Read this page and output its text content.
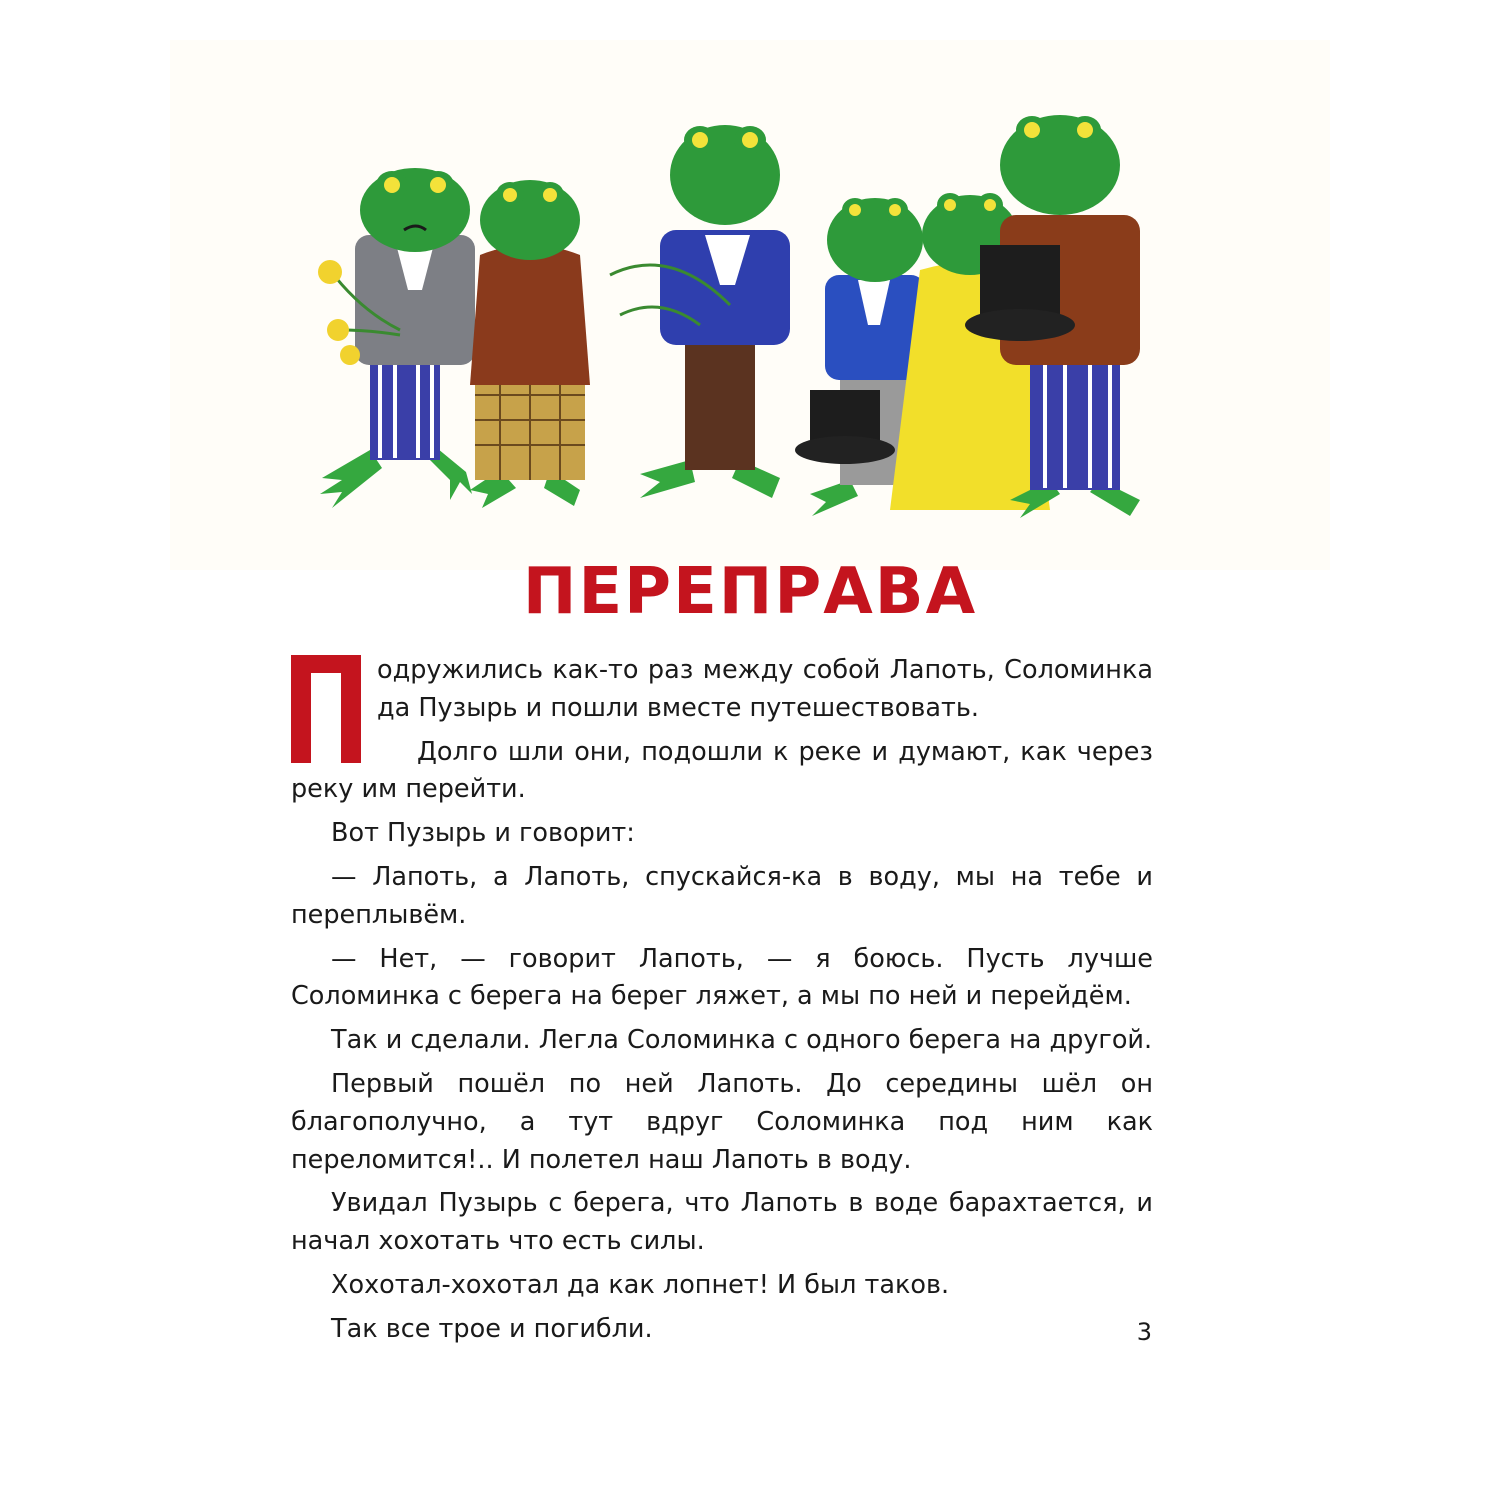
ПЕРЕПРАВА

одружились как-то раз между собой Лапоть, Соломинка да Пузырь и пошли вместе путешествовать.

Долго шли они, подошли к реке и думают, как через реку им перейти.

Вот Пузырь и говорит:

— Лапоть, а Лапоть, спускайся-ка в воду, мы на тебе и переплывём.

— Нет, — говорит Лапоть, — я боюсь. Пусть лучше Соломинка с берега на берег ляжет, а мы по ней и перейдём.

Так и сделали. Легла Соломинка с одного берега на другой.

Первый пошёл по ней Лапоть. До середины шёл он благополучно, а тут вдруг Соломинка под ним как переломится!.. И полетел наш Лапоть в воду.

Увидал Пузырь с берега, что Лапоть в воде барахтается, и начал хохотать что есть силы.

Хохотал-хохотал да как лопнет! И был таков.

Так все трое и погибли.	3
